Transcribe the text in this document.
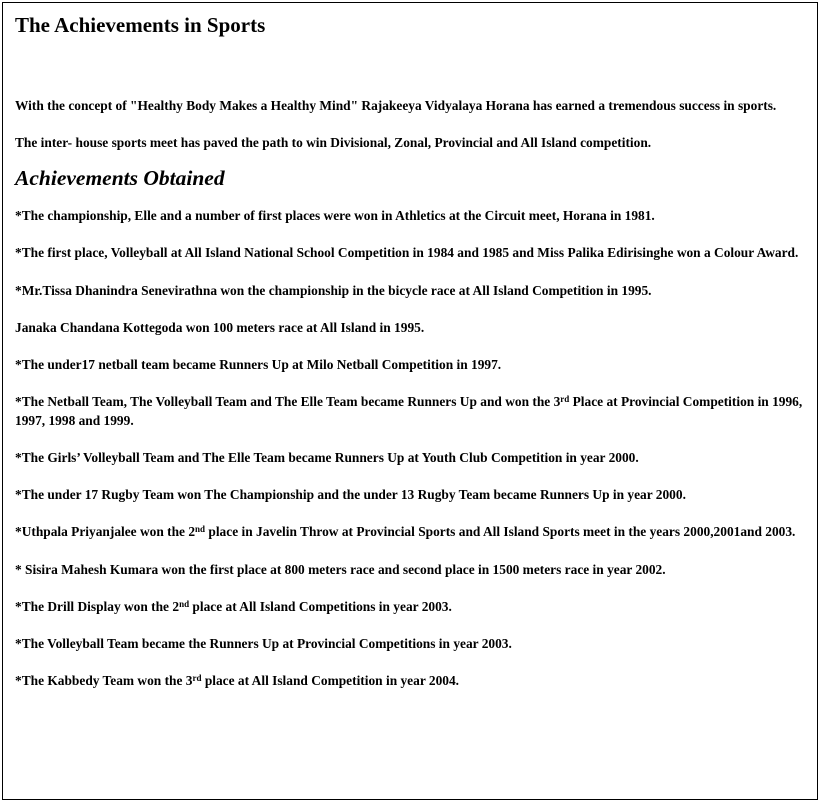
The Achievements in Sports

With the concept of "Healthy Body Makes a Healthy Mind" Rajakeeya Vidyalaya Horana has earned a tremendous success in sports.

The inter- house sports meet has paved the path to win Divisional, Zonal, Provincial and All Island competition.

Achievements Obtained

*The championship, Elle and a number of first places were won in Athletics at the Circuit meet, Horana in 1981.

*The first place, Volleyball at All Island National School Competition in 1984 and 1985 and Miss Palika Edirisinghe won a Colour Award.

*Mr.Tissa Dhanindra Senevirathna won the championship in the bicycle race at All Island Competition in 1995.

Janaka Chandana Kottegoda won 100 meters race at All Island in 1995.

*The under17 netball team became Runners Up at Milo Netball Competition in 1997.

*The Netball Team, The Volleyball Team and The Elle Team became Runners Up and won the 3rd Place at Provincial Competition in 1996, 1997, 1998 and 1999.

*The Girls’ Volleyball Team and The Elle Team became Runners Up at Youth Club Competition in year 2000.

*The under 17 Rugby Team won The Championship and the under 13 Rugby Team became Runners Up in year 2000.

*Uthpala Priyanjalee won the 2nd place in Javelin Throw at Provincial Sports and All Island Sports meet in the years 2000,2001and 2003.

* Sisira Mahesh Kumara won the first place at 800 meters race and second place in 1500 meters race in year 2002.

*The Drill Display won the 2nd place at All Island Competitions in year 2003.

*The Volleyball Team became the Runners Up at Provincial Competitions in year 2003.

*The Kabbedy Team won the 3rd place at All Island Competition in year 2004.
